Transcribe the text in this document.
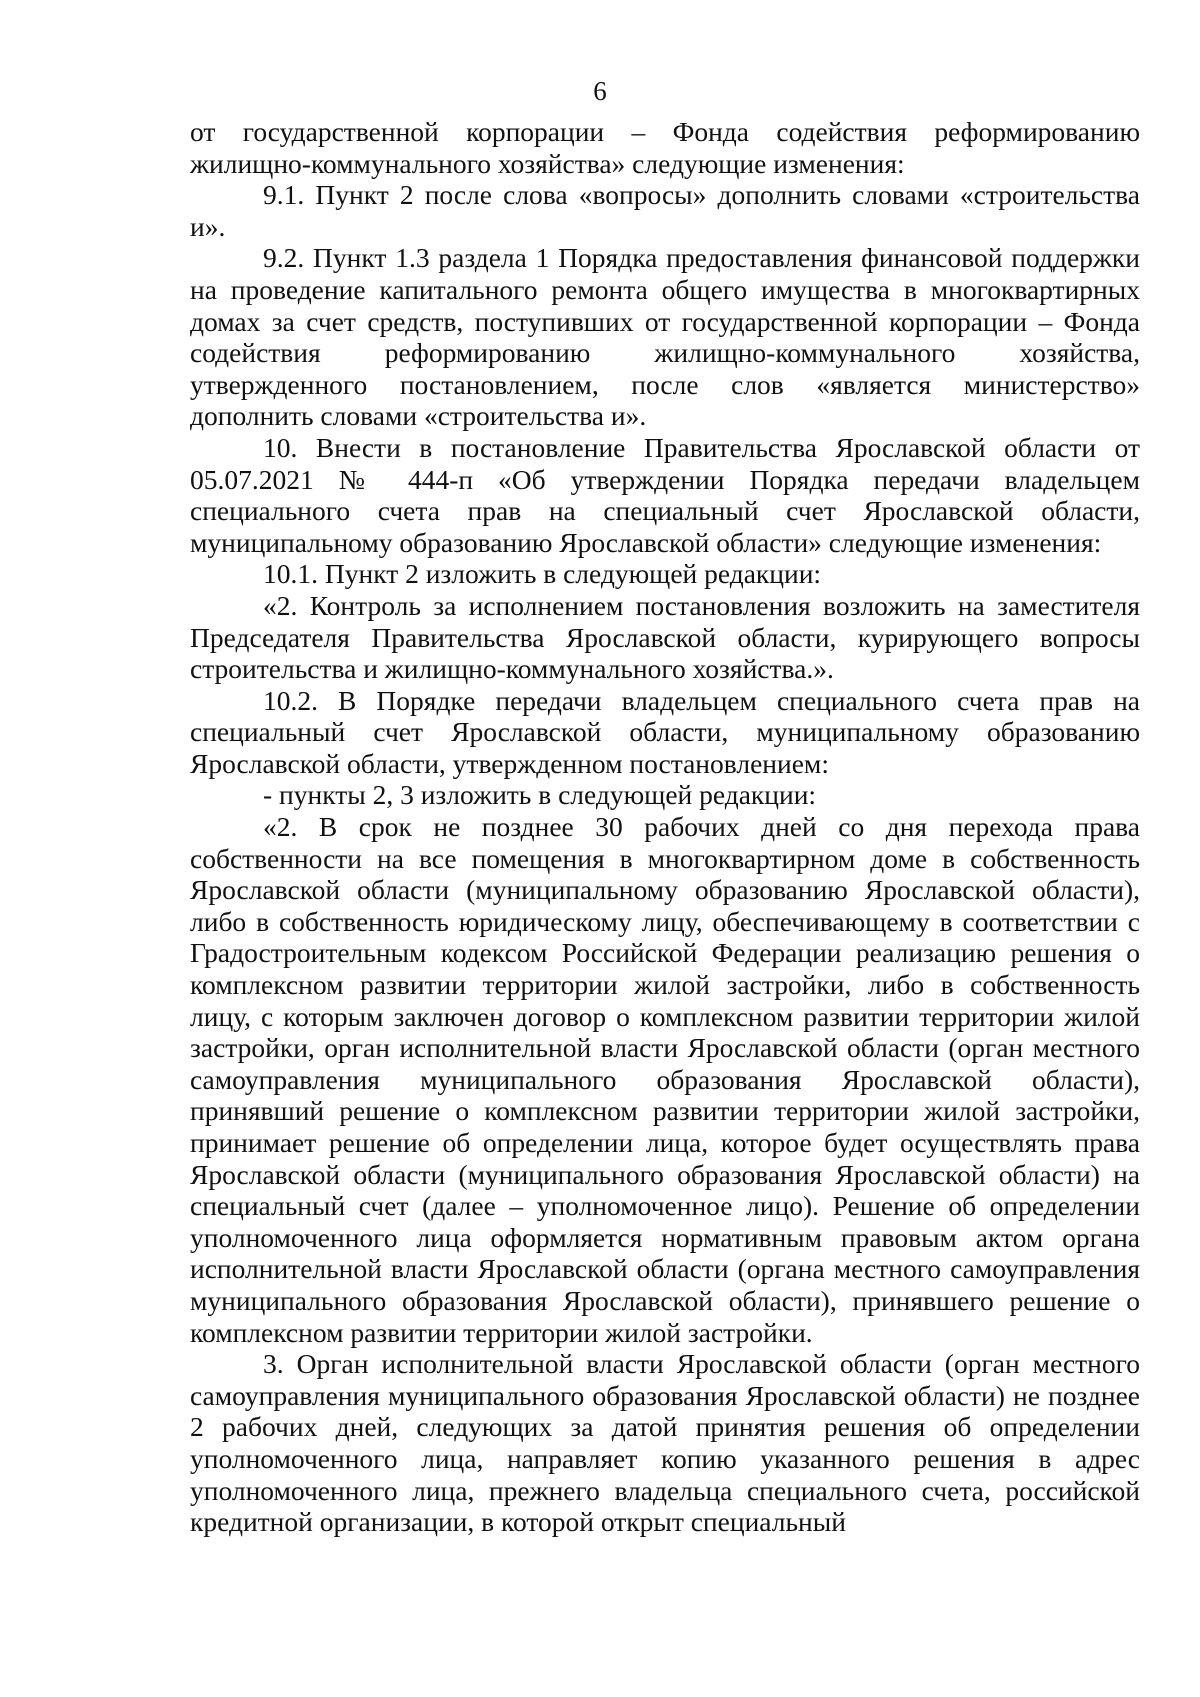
6

от государственной корпорации – Фонда содействия реформированию жилищно-коммунального хозяйства» следующие изменения:

9.1. Пункт 2 после слова «вопросы» дополнить словами «строительства и».

9.2. Пункт 1.3 раздела 1 Порядка предоставления финансовой поддержки на проведение капитального ремонта общего имущества в многоквартирных домах за счет средств, поступивших от государственной корпорации – Фонда содействия реформированию жилищно-коммунального хозяйства, утвержденного постановлением, после слов «является министерство» дополнить словами «строительства и».

10. Внести в постановление Правительства Ярославской области от 05.07.2021 № 444-п «Об утверждении Порядка передачи владельцем специального счета прав на специальный счет Ярославской области, муниципальному образованию Ярославской области» следующие изменения:

10.1. Пункт 2 изложить в следующей редакции:

«2. Контроль за исполнением постановления возложить на заместителя Председателя Правительства Ярославской области, курирующего вопросы строительства и жилищно-коммунального хозяйства.».

10.2. В Порядке передачи владельцем специального счета прав на специальный счет Ярославской области, муниципальному образованию Ярославской области, утвержденном постановлением:

- пункты 2, 3 изложить в следующей редакции:

«2. В срок не позднее 30 рабочих дней со дня перехода права собственности на все помещения в многоквартирном доме в собственность Ярославской области (муниципальному образованию Ярославской области), либо в собственность юридическому лицу, обеспечивающему в соответствии с Градостроительным кодексом Российской Федерации реализацию решения о комплексном развитии территории жилой застройки, либо в собственность лицу, с которым заключен договор о комплексном развитии территории жилой застройки, орган исполнительной власти Ярославской области (орган местного самоуправления муниципального образования Ярославской области), принявший решение о комплексном развитии территории жилой застройки, принимает решение об определении лица, которое будет осуществлять права Ярославской области (муниципального образования Ярославской области) на специальный счет (далее – уполномоченное лицо). Решение об определении уполномоченного лица оформляется нормативным правовым актом органа исполнительной власти Ярославской области (органа местного самоуправления муниципального образования Ярославской области), принявшего решение о комплексном развитии территории жилой застройки.

3. Орган исполнительной власти Ярославской области (орган местного самоуправления муниципального образования Ярославской области) не позднее 2 рабочих дней, следующих за датой принятия решения об определении уполномоченного лица, направляет копию указанного решения в адрес уполномоченного лица, прежнего владельца специального счета, российской кредитной организации, в которой открыт специальный
